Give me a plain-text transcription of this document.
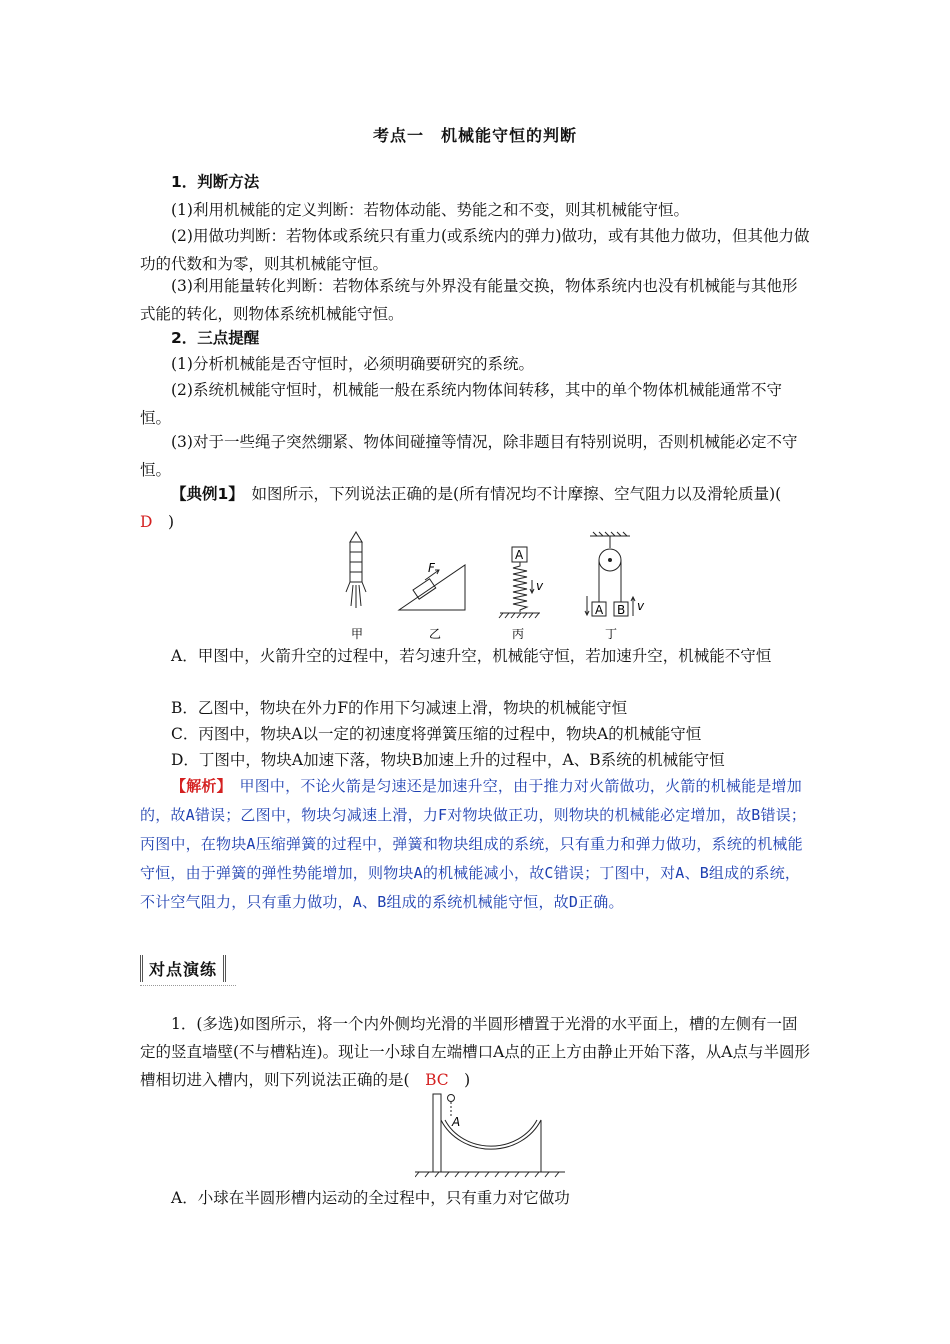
考点一　机械能守恒的判断

1．判断方法

(1)利用机械能的定义判断：若物体动能、势能之和不变，则其机械能守恒。

(2)用做功判断：若物体或系统只有重力(或系统内的弹力)做功，或有其他力做功，但其他力做功的代数和为零，则其机械能守恒。

(3)利用能量转化判断：若物体系统与外界没有能量交换，物体系统内也没有机械能与其他形式能的转化，则物体系统机械能守恒。

2．三点提醒

(1)分析机械能是否守恒时，必须明确要研究的系统。

(2)系统机械能守恒时，机械能一般在系统内物体间转移，其中的单个物体机械能通常不守恒。

(3)对于一些绳子突然绷紧、物体间碰撞等情况，除非题目有特别说明，否则机械能必定不守恒。

【典例1】　如图所示，下列说法正确的是(所有情况均不计摩擦、空气阻力以及滑轮质量)(　D　)

甲
F
乙
A
v
丙
A B v
丁

A．甲图中，火箭升空的过程中，若匀速升空，机械能守恒，若加速升空，机械能不守恒

B．乙图中，物块在外力F的作用下匀减速上滑，物块的机械能守恒

C．丙图中，物块A以一定的初速度将弹簧压缩的过程中，物块A的机械能守恒

D．丁图中，物块A加速下落，物块B加速上升的过程中，A、B系统的机械能守恒

【解析】　甲图中，不论火箭是匀速还是加速升空，由于推力对火箭做功，火箭的机械能是增加的，故A错误；乙图中，物块匀减速上滑，力F对物块做正功，则物块的机械能必定增加，故B错误；丙图中，在物块A压缩弹簧的过程中，弹簧和物块组成的系统，只有重力和弹力做功，系统的机械能守恒，由于弹簧的弹性势能增加，则物块A的机械能减小，故C错误；丁图中，对A、B组成的系统，不计空气阻力，只有重力做功，A、B组成的系统机械能守恒，故D正确。
对点演练

1．(多选)如图所示，将一个内外侧均光滑的半圆形槽置于光滑的水平面上，槽的左侧有一固定的竖直墙壁(不与槽粘连)。现让一小球自左端槽口A点的正上方由静止开始下落，从A点与半圆形槽相切进入槽内，则下列说法正确的是(　BC　)

A

A．小球在半圆形槽内运动的全过程中，只有重力对它做功
